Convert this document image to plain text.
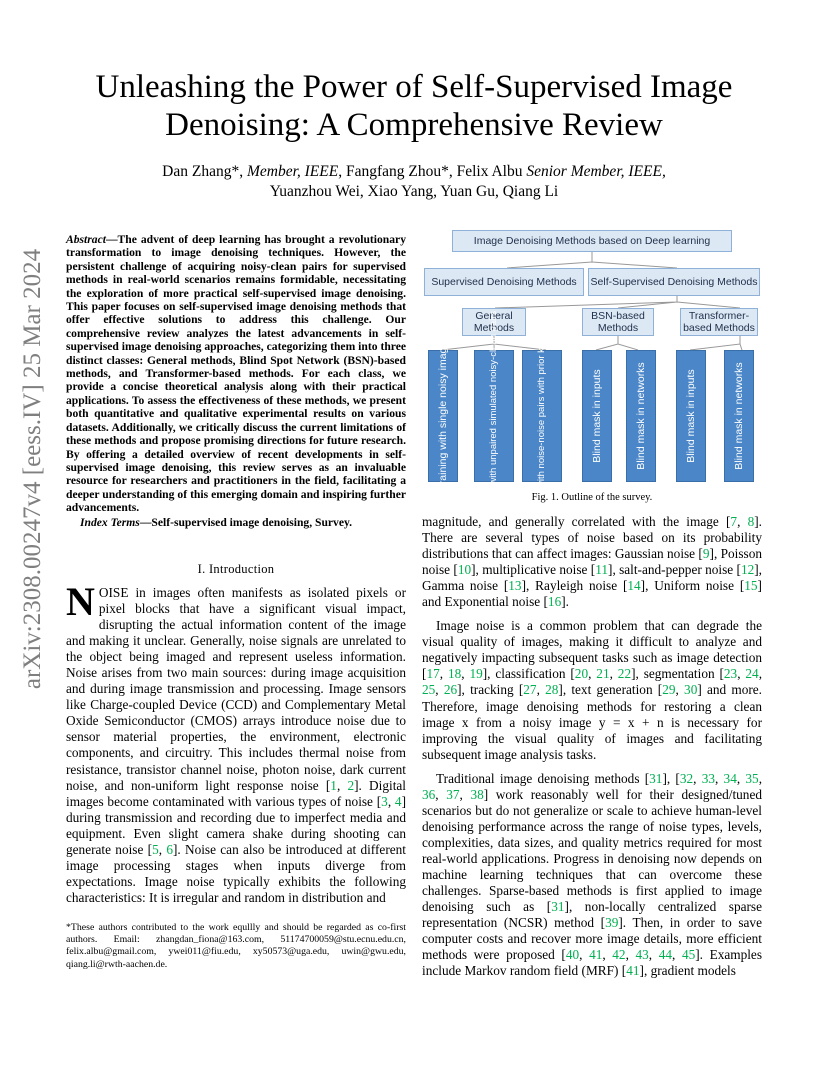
arXiv:2308.00247v4 [eess.IV] 25 Mar 2024
Unleashing the Power of Self-Supervised Image Denoising: A Comprehensive Review
Dan Zhang*, Member, IEEE, Fangfang Zhou*, Felix Albu Senior Member, IEEE,
Yuanzhou Wei, Xiao Yang, Yuan Gu, Qiang Li
Abstract—The advent of deep learning has brought a revolutionary transformation to image denoising techniques. However, the persistent challenge of acquiring noisy-clean pairs for supervised methods in real-world scenarios remains formidable, necessitating the exploration of more practical self-supervised image denoising. This paper focuses on self-supervised image denoising methods that offer effective solutions to address this challenge. Our comprehensive review analyzes the latest advancements in self-supervised image denoising approaches, categorizing them into three distinct classes: General methods, Blind Spot Network (BSN)-based methods, and Transformer-based methods. For each class, we provide a concise theoretical analysis along with their practical applications. To assess the effectiveness of these methods, we present both quantitative and qualitative experimental results on various datasets. Additionally, we critically discuss the current limitations of these methods and propose promising directions for future research. By offering a detailed overview of recent developments in self-supervised image denoising, this review serves as an invaluable resource for researchers and practitioners in the field, facilitating a deeper understanding of this emerging domain and inspiring further advancements.
Index Terms—Self-supervised image denoising, Survey.
I. Introduction
NOISE in images often manifests as isolated pixels or pixel blocks that have a significant visual impact, disrupting the actual information content of the image and making it unclear. Generally, noise signals are unrelated to the object being imaged and represent useless information. Noise arises from two main sources: during image acquisition and during image transmission and processing. Image sensors like Charge-coupled Device (CCD) and Complementary Metal Oxide Semiconductor (CMOS) arrays introduce noise due to sensor material properties, the environment, electronic components, and circuitry. This includes thermal noise from resistance, transistor channel noise, photon noise, dark current noise, and non-uniform light response noise [1, 2]. Digital images become contaminated with various types of noise [3, 4] during transmission and recording due to imperfect media and equipment. Even slight camera shake during shooting can generate noise [5, 6]. Noise can also be introduced at different image processing stages when inputs diverge from expectations. Image noise typically exhibits the following characteristics: It is irregular and random in distribution and
*These authors contributed to the work equllly and should be regarded as co-first authors. Email: zhangdan_fiona@163.com, 51174700059@stu.ecnu.edu.cn, felix.albu@gmail.com, ywei011@fiu.edu, xy50573@uga.edu, uwin@gwu.edu, qiang.li@rwth-aachen.de.
Image Denoising Methods based on Deep learning
Supervised Denoising Methods	Self-Supervised Denoising Methods
General Methods
BSN-based Methods
Transformer-based Methods
Training with single noisy image	Training with unpaired simulated noisy-clean pairs	Training with noise-noise pairs with prior knowledge	Blind mask in inputs	Blind mask in networks	Blind mask in inputs	Blind mask in networks
Fig. 1. Outline of the survey.

magnitude, and generally correlated with the image [7, 8]. There are several types of noise based on its probability distributions that can affect images: Gaussian noise [9], Poisson noise [10], multiplicative noise [11], salt-and-pepper noise [12], Gamma noise [13], Rayleigh noise [14], Uniform noise [15] and Exponential noise [16].

Image noise is a common problem that can degrade the visual quality of images, making it difficult to analyze and negatively impacting subsequent tasks such as image detection [17, 18, 19], classification [20, 21, 22], segmentation [23, 24, 25, 26], tracking [27, 28], text generation [29, 30] and more. Therefore, image denoising methods for restoring a clean image x from a noisy image y = x + n is necessary for improving the visual quality of images and facilitating subsequent image analysis tasks.

Traditional image denoising methods [31], [32, 33, 34, 35, 36, 37, 38] work reasonably well for their designed/tuned scenarios but do not generalize or scale to achieve human-level denoising performance across the range of noise types, levels, complexities, data sizes, and quality metrics required for most real-world applications. Progress in denoising now depends on machine learning techniques that can overcome these challenges. Sparse-based methods is first applied to image denoising such as [31], non-locally centralized sparse representation (NCSR) method [39]. Then, in order to save computer costs and recover more image details, more efficient methods were proposed [40, 41, 42, 43, 44, 45]. Examples include Markov random field (MRF) [41], gradient models
